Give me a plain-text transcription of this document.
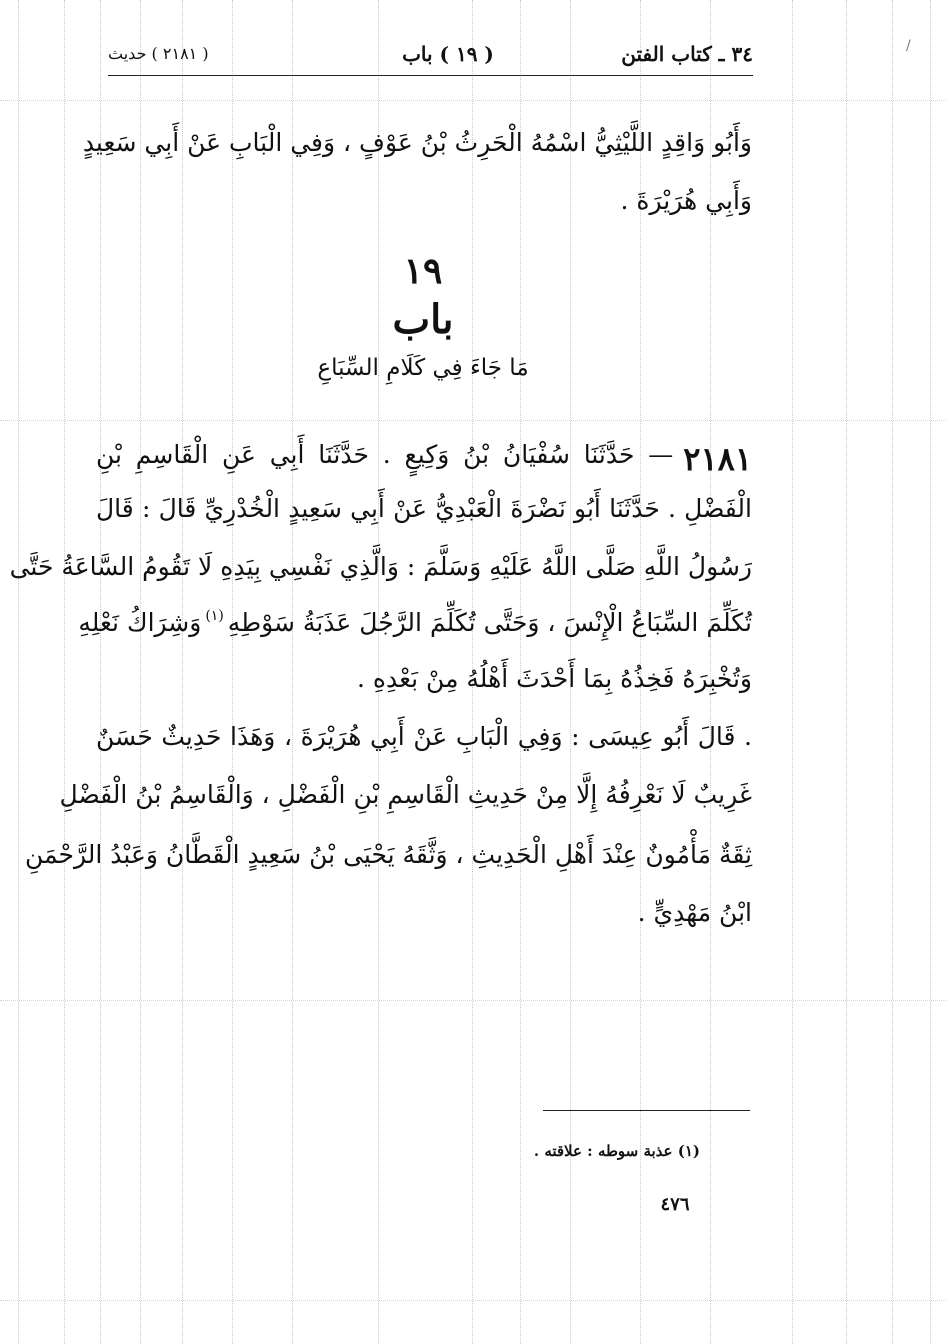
/
٣٤ ـ كتاب الفتن
( ١٩ ) باب
( ٢١٨١ ) حديث
وَأَبُو وَاقِدٍ اللَّيْثِيُّ اسْمُهُ الْحَرِثُ بْنُ عَوْفٍ ، وَفِي الْبَابِ عَنْ أَبِي سَعِيدٍ
وَأَبِي هُرَيْرَةَ .
١٩
باب
مَا جَاءَ فِي كَلَامِ السِّبَاعِ
٢١٨١
— حَدَّثَنَا سُفْيَانُ بْنُ وَكِيعٍ . حَدَّثَنَا أَبِي عَنِ الْقَاسِمِ بْنِ
الْفَضْلِ . حَدَّثَنَا أَبُو نَضْرَةَ الْعَبْدِيُّ عَنْ أَبِي سَعِيدٍ الْخُدْرِيِّ قَالَ : قَالَ
رَسُولُ اللَّهِ صَلَّى اللَّهُ عَلَيْهِ وَسَلَّمَ : وَالَّذِي نَفْسِي بِيَدِهِ لَا تَقُومُ السَّاعَةُ حَتَّى
تُكَلِّمَ السِّبَاعُ الْإِنْسَ ، وَحَتَّى تُكَلِّمَ الرَّجُلَ عَذَبَةُ سَوْطِهِ
(١)
وَشِرَاكُ نَعْلِهِ
وَتُخْبِرَهُ فَخِذُهُ بِمَا أَحْدَثَ أَهْلُهُ مِنْ بَعْدِهِ .
. قَالَ أَبُو عِيسَى : وَفِي الْبَابِ عَنْ أَبِي هُرَيْرَةَ ، وَهَذَا حَدِيثٌ حَسَنٌ
غَرِيبٌ لَا نَعْرِفُهُ إِلَّا مِنْ حَدِيثِ الْقَاسِمِ بْنِ الْفَضْلِ ، وَالْقَاسِمُ بْنُ الْفَضْلِ
ثِقَةٌ مَأْمُونٌ عِنْدَ أَهْلِ الْحَدِيثِ ، وَثَّقَهُ يَحْيَى بْنُ سَعِيدٍ الْقَطَّانُ وَعَبْدُ الرَّحْمَنِ
ابْنُ مَهْدِيٍّ .
(١) عذبة سوطه : علاقته .
٤٧٦
